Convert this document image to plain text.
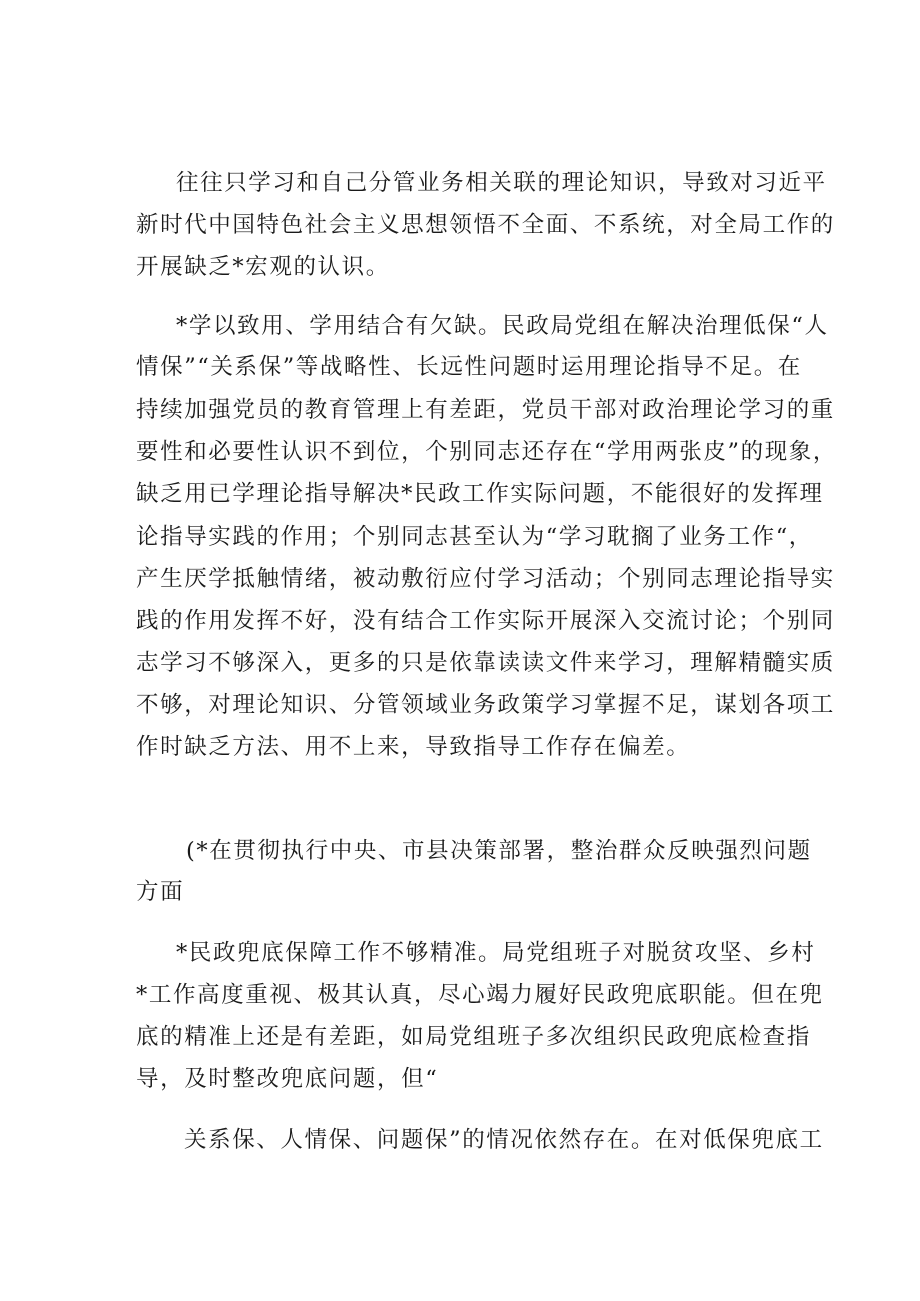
往往只学习和自己分管业务相关联的理论知识，导致对习近平
新时代中国特色社会主义思想领悟不全面、不系统，对全局工作的
开展缺乏*宏观的认识。
*学以致用、学用结合有欠缺。民政局党组在解决治理低保“人
情保”“关系保”等战略性、长远性问题时运用理论指导不足。在
持续加强党员的教育管理上有差距，党员干部对政治理论学习的重
要性和必要性认识不到位，个别同志还存在“学用两张皮”的现象，
缺乏用已学理论指导解决*民政工作实际问题，不能很好的发挥理
论指导实践的作用；个别同志甚至认为“学习耽搁了业务工作“，
产生厌学抵触情绪，被动敷衍应付学习活动；个别同志理论指导实
践的作用发挥不好，没有结合工作实际开展深入交流讨论；个别同
志学习不够深入，更多的只是依靠读读文件来学习，理解精髓实质
不够，对理论知识、分管领域业务政策学习掌握不足，谋划各项工
作时缺乏方法、用不上来，导致指导工作存在偏差。
(*在贯彻执行中央、市县决策部署，整治群众反映强烈问题
方面
*民政兜底保障工作不够精准。局党组班子对脱贫攻坚、乡村
*工作高度重视、极其认真，尽心竭力履好民政兜底职能。但在兜
底的精准上还是有差距，如局党组班子多次组织民政兜底检查指
导，及时整改兜底问题，但“
关系保、人情保、问题保”的情况依然存在。在对低保兜底工
